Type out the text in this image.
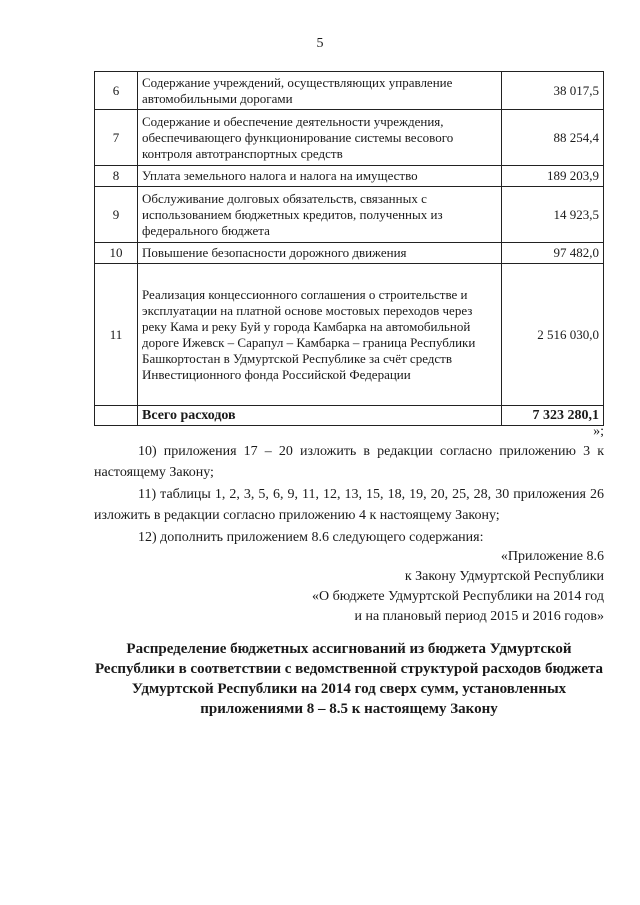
5
6	Содержание учреждений, осуществляющих управление автомобильными дорогами	38 017,5
7	Содержание и обеспечение деятельности учреждения, обеспечивающего функционирование системы весового контроля автотранспортных средств	88 254,4
8	Уплата земельного налога и налога на имущество	189 203,9
9	Обслуживание долговых обязательств, связанных с использованием бюджетных кредитов, полученных из федерального бюджета	14 923,5
10	Повышение безопасности дорожного движения	97 482,0
11	Реализация концессионного соглашения о строительстве и эксплуатации на платной основе мостовых переходов через реку Кама и реку Буй у города Камбарка на автомобильной дороге Ижевск – Сарапул – Камбарка – граница Республики Башкортостан в Удмуртской Республике за счёт средств Инвестиционного фонда Российской Федерации	2 516 030,0
	Всего расходов	7 323 280,1
»;
10) приложения 17 – 20 изложить в редакции согласно приложению 3 к настоящему Закону;
11) таблицы 1, 2, 3, 5, 6, 9, 11, 12, 13, 15, 18, 19, 20, 25, 28, 30 приложения 26 изложить в редакции согласно приложению 4 к настоящему Закону;
12) дополнить приложением 8.6 следующего содержания:
«Приложение 8.6
к Закону Удмуртской Республики
«О бюджете Удмуртской Республики на 2014 год
и на плановый период 2015 и 2016 годов»
Распределение бюджетных ассигнований из бюджета Удмуртской Республики в соответствии с ведомственной структурой расходов бюджета Удмуртской Республики на 2014 год сверх сумм, установленных приложениями 8 – 8.5 к настоящему Закону
